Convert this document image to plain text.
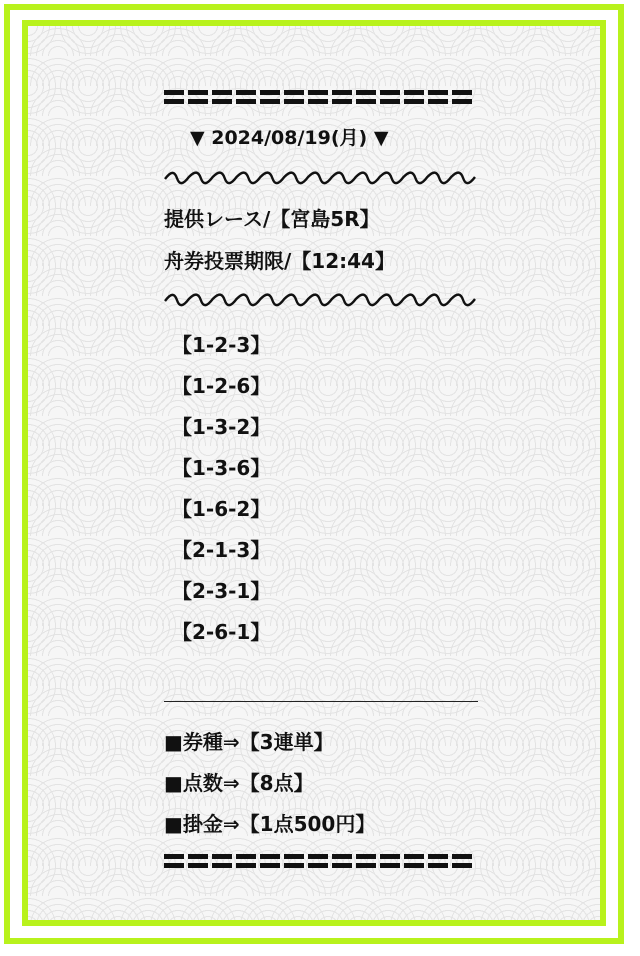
▼ 2024/08/19(月) ▼
提供レース/【宮島5R】
舟券投票期限/【12:44】
【1-2-3】
【1-2-6】
【1-3-2】
【1-3-6】
【1-6-2】
【2-1-3】
【2-3-1】
【2-6-1】
■券種⇒【3連単】
■点数⇒【8点】
■掛金⇒【1点500円】
